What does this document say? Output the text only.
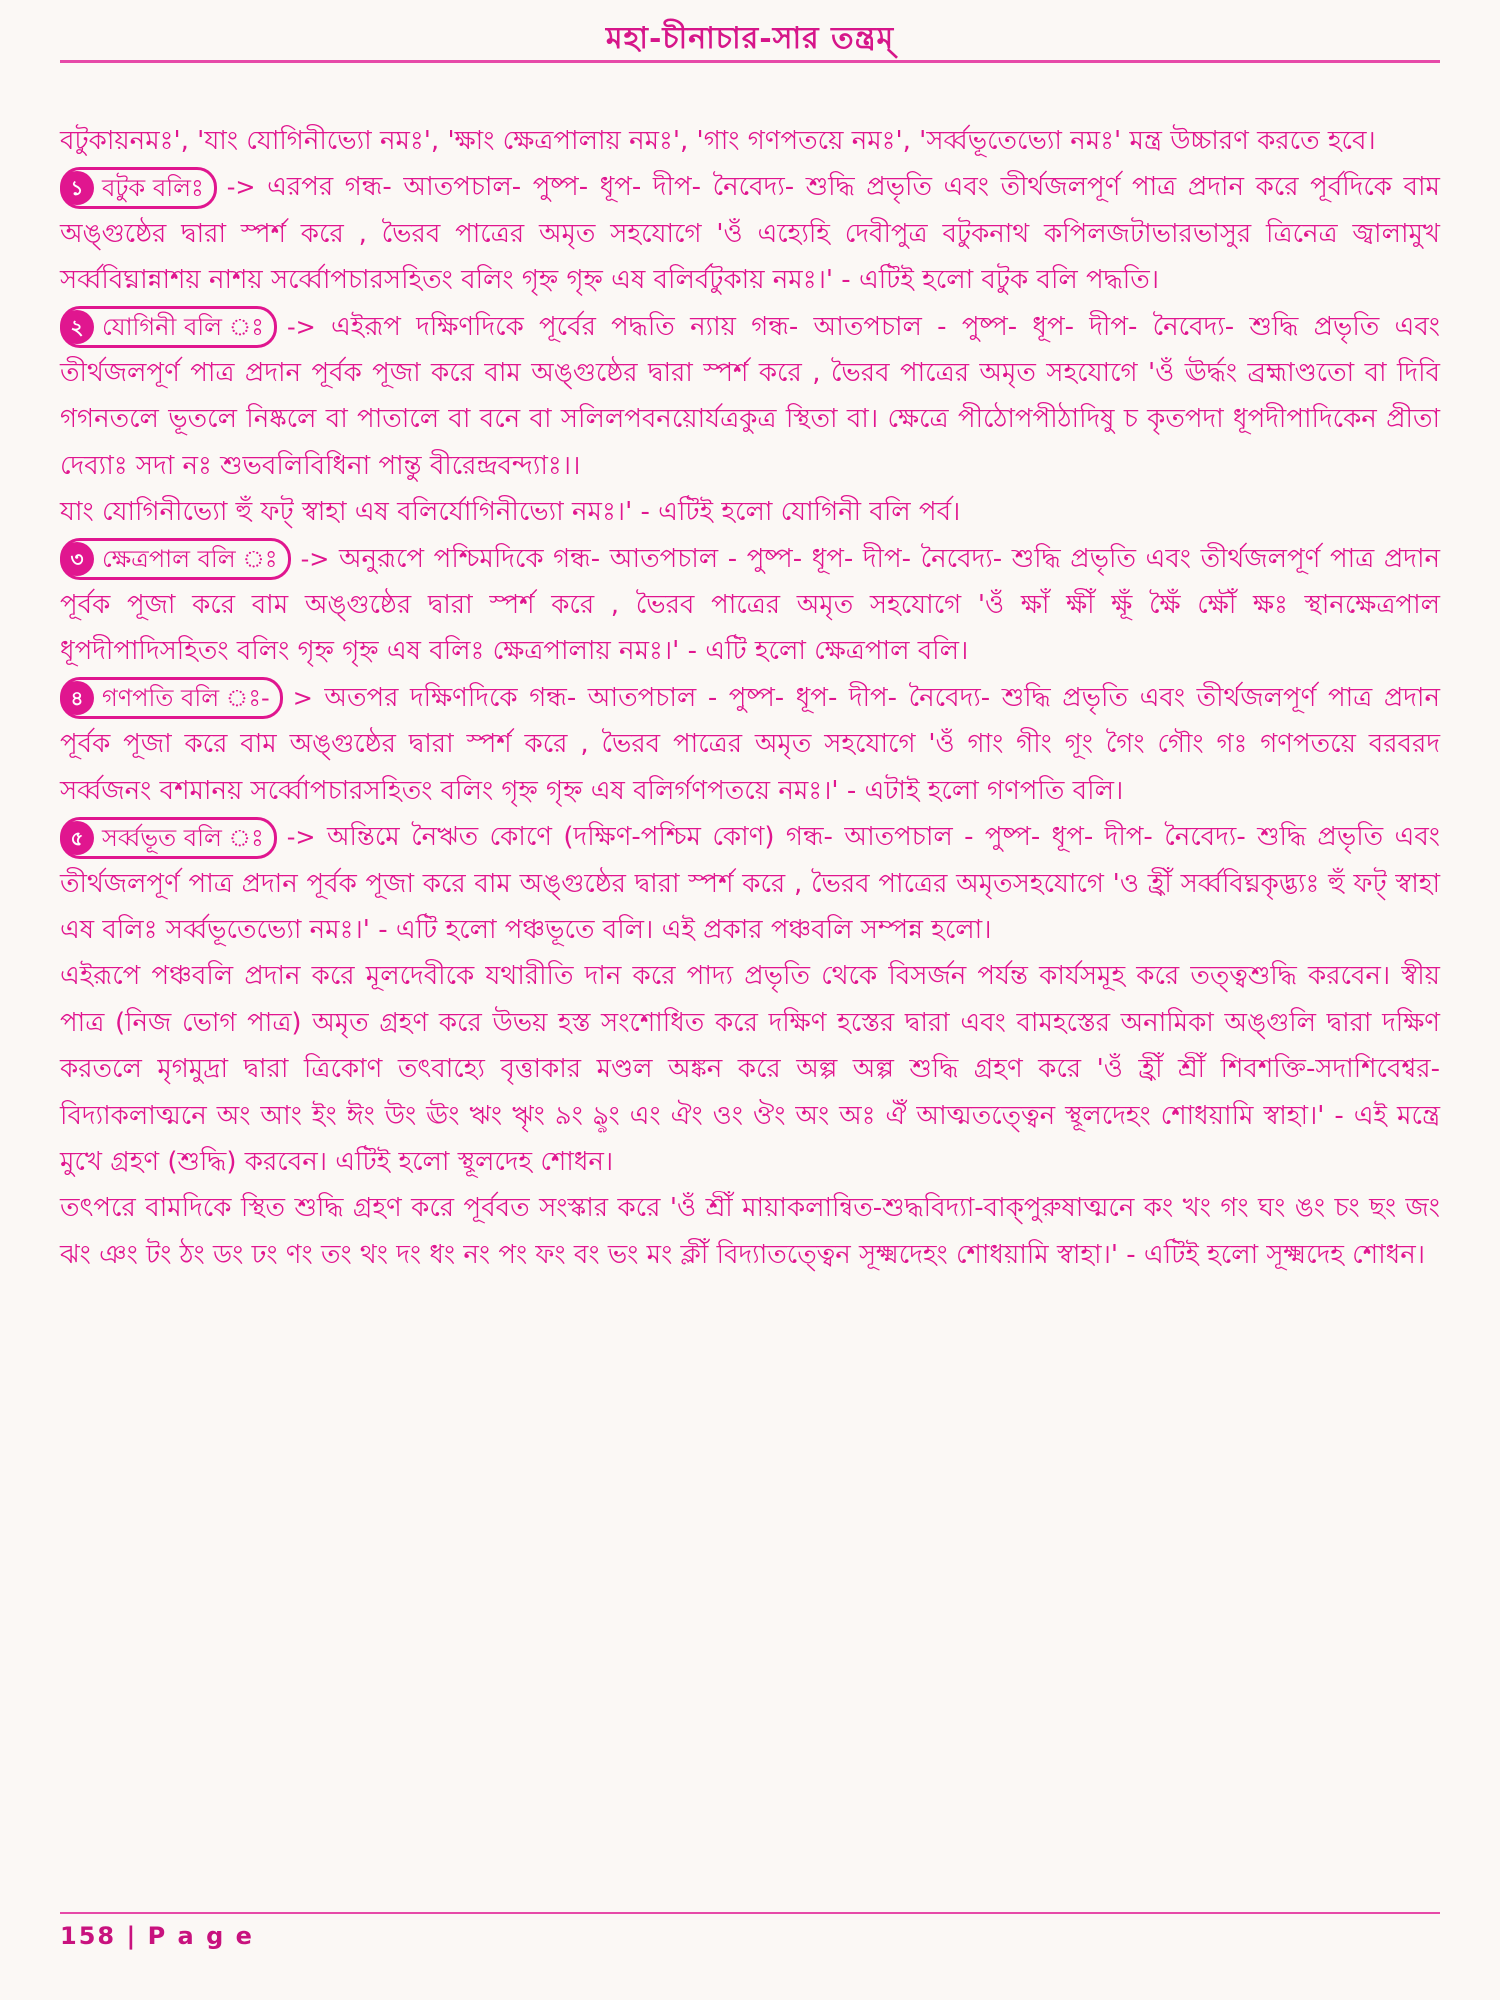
মহা-চীনাচার-সার তন্ত্রম্

বটুকায়নমঃ', 'যাং যোগিনীভ্যো নমঃ', 'ক্ষাং ক্ষেত্রপালায় নমঃ', 'গাং গণপতয়ে নমঃ', 'সর্ব্বভূতেভ্যো নমঃ' মন্ত্র উচ্চারণ করতে হবে।

১ বটুক বলিঃ -> এরপর গন্ধ- আতপচাল- পুষ্প- ধূপ- দীপ- নৈবেদ্য- শুদ্ধি প্রভৃতি এবং তীর্থজলপূর্ণ পাত্র প্রদান করে পূর্বদিকে বাম অঙ্গুষ্ঠের দ্বারা স্পর্শ করে , ভৈরব পাত্রের অমৃত সহযোগে 'ওঁ এহ্যেহি দেবীপুত্র বটুকনাথ কপিলজটাভারভাসুর ত্রিনেত্র জ্বালামুখ সর্ব্ববিঘ্নান্নাশয় নাশয় সর্ব্বোপচারসহিতং বলিং গৃহ্ন গৃহ্ন এষ বলির্বটুকায় নমঃ।' - এটিই হলো বটুক বলি পদ্ধতি।

২ যোগিনী বলি ঃ -> এইরূপ দক্ষিণদিকে পূর্বের পদ্ধতি ন্যায় গন্ধ- আতপচাল - পুষ্প- ধূপ- দীপ- নৈবেদ্য- শুদ্ধি প্রভৃতি এবং তীর্থজলপূর্ণ পাত্র প্রদান পূর্বক পূজা করে বাম অঙ্গুষ্ঠের দ্বারা স্পর্শ করে , ভৈরব পাত্রের অমৃত সহযোগে 'ওঁ ঊর্দ্ধং ব্রহ্মাণ্ডতো বা দিবি গগনতলে ভূতলে নিষ্কলে বা পাতালে বা বনে বা সলিলপবনয়োর্যত্রকুত্র স্থিতা বা। ক্ষেত্রে পীঠোপপীঠাদিষু চ কৃতপদা ধূপদীপাদিকেন প্রীতা দেব্যাঃ সদা নঃ শুভবলিবিধিনা পান্তু বীরেন্দ্রবন্দ্যাঃ।।

যাং যোগিনীভ্যো হুঁ ফট্ স্বাহা এষ বলির্যোগিনীভ্যো নমঃ।' - এটিই হলো যোগিনী বলি পর্ব।

৩ ক্ষেত্রপাল বলি ঃ -> অনুরূপে পশ্চিমদিকে গন্ধ- আতপচাল - পুষ্প- ধূপ- দীপ- নৈবেদ্য- শুদ্ধি প্রভৃতি এবং তীর্থজলপূর্ণ পাত্র প্রদান পূর্বক পূজা করে বাম অঙ্গুষ্ঠের দ্বারা স্পর্শ করে , ভৈরব পাত্রের অমৃত সহযোগে 'ওঁ ক্ষাঁ ক্ষীঁ ক্ষূঁ ক্ষৈঁ ক্ষৌঁ ক্ষঃ স্থানক্ষেত্রপাল ধূপদীপাদিসহিতং বলিং গৃহ্ন গৃহ্ন এষ বলিঃ ক্ষেত্রপালায় নমঃ।' - এটি হলো ক্ষেত্রপাল বলি।

৪ গণপতি বলি ঃ- > অতপর দক্ষিণদিকে গন্ধ- আতপচাল - পুষ্প- ধূপ- দীপ- নৈবেদ্য- শুদ্ধি প্রভৃতি এবং তীর্থজলপূর্ণ পাত্র প্রদান পূর্বক পূজা করে বাম অঙ্গুষ্ঠের দ্বারা স্পর্শ করে , ভৈরব পাত্রের অমৃত সহযোগে 'ওঁ গাং গীং গূং গৈং গৌং গঃ গণপতয়ে বরবরদ সর্ব্বজনং বশমানয় সর্ব্বোপচারসহিতং বলিং গৃহ্ন গৃহ্ন এষ বলির্গণপতয়ে নমঃ।' - এটাই হলো গণপতি বলি।

৫ সর্ব্বভূত বলি ঃ -> অন্তিমে নৈঋত কোণে (দক্ষিণ-পশ্চিম কোণ) গন্ধ- আতপচাল - পুষ্প- ধূপ- দীপ- নৈবেদ্য- শুদ্ধি প্রভৃতি এবং তীর্থজলপূর্ণ পাত্র প্রদান পূর্বক পূজা করে বাম অঙ্গুষ্ঠের দ্বারা স্পর্শ করে , ভৈরব পাত্রের অমৃতসহযোগে 'ও হ্রীঁ সর্ব্ববিঘ্নকৃদ্ভ্যঃ হুঁ ফট্ স্বাহা এষ বলিঃ সর্ব্বভূতেভ্যো নমঃ।' - এটি হলো পঞ্চভূতে বলি। এই প্রকার পঞ্চবলি সম্পন্ন হলো।

এইরূপে পঞ্চবলি প্রদান করে মূলদেবীকে যথারীতি দান করে পাদ্য প্রভৃতি থেকে বিসর্জন পর্যন্ত কার্যসমূহ করে তত্ত্বশুদ্ধি করবেন। স্বীয় পাত্র (নিজ ভোগ পাত্র) অমৃত গ্রহণ করে উভয় হস্ত সংশোধিত করে দক্ষিণ হস্তের দ্বারা এবং বামহস্তের অনামিকা অঙ্গুলি দ্বারা দক্ষিণ করতলে মৃগমুদ্রা দ্বারা ত্রিকোণ তৎবাহ্যে বৃত্তাকার মণ্ডল অঙ্কন করে অল্প অল্প শুদ্ধি গ্রহণ করে 'ওঁ হ্রীঁ শ্রীঁ শিবশক্তি-সদাশিবেশ্বর-বিদ্যাকলাত্মনে অং আং ইং ঈং উং ঊং ঋং ৠং ৯ং ৡং এং ঐং ওং ঔং অং অঃ ঐঁ আত্মতত্ত্বেন স্থূলদেহং শোধয়ামি স্বাহা।' - এই মন্ত্রে মুখে গ্রহণ (শুদ্ধি) করবেন। এটিই হলো স্থূলদেহ শোধন।

তৎপরে বামদিকে স্থিত শুদ্ধি গ্রহণ করে পূর্ববত সংস্কার করে 'ওঁ শ্রীঁ মায়াকলান্বিত-শুদ্ধবিদ্যা-বাক্পুরুষাত্মনে কং খং গং ঘং ঙং চং ছং জং ঝং ঞং টং ঠং ডং ঢং ণং তং থং দং ধং নং পং ফং বং ভং মং ক্লীঁ বিদ্যাতত্ত্বেন সূক্ষ্মদেহং শোধয়ামি স্বাহা।' - এটিই হলো সূক্ষ্মদেহ শোধন।

158 | P a g e
